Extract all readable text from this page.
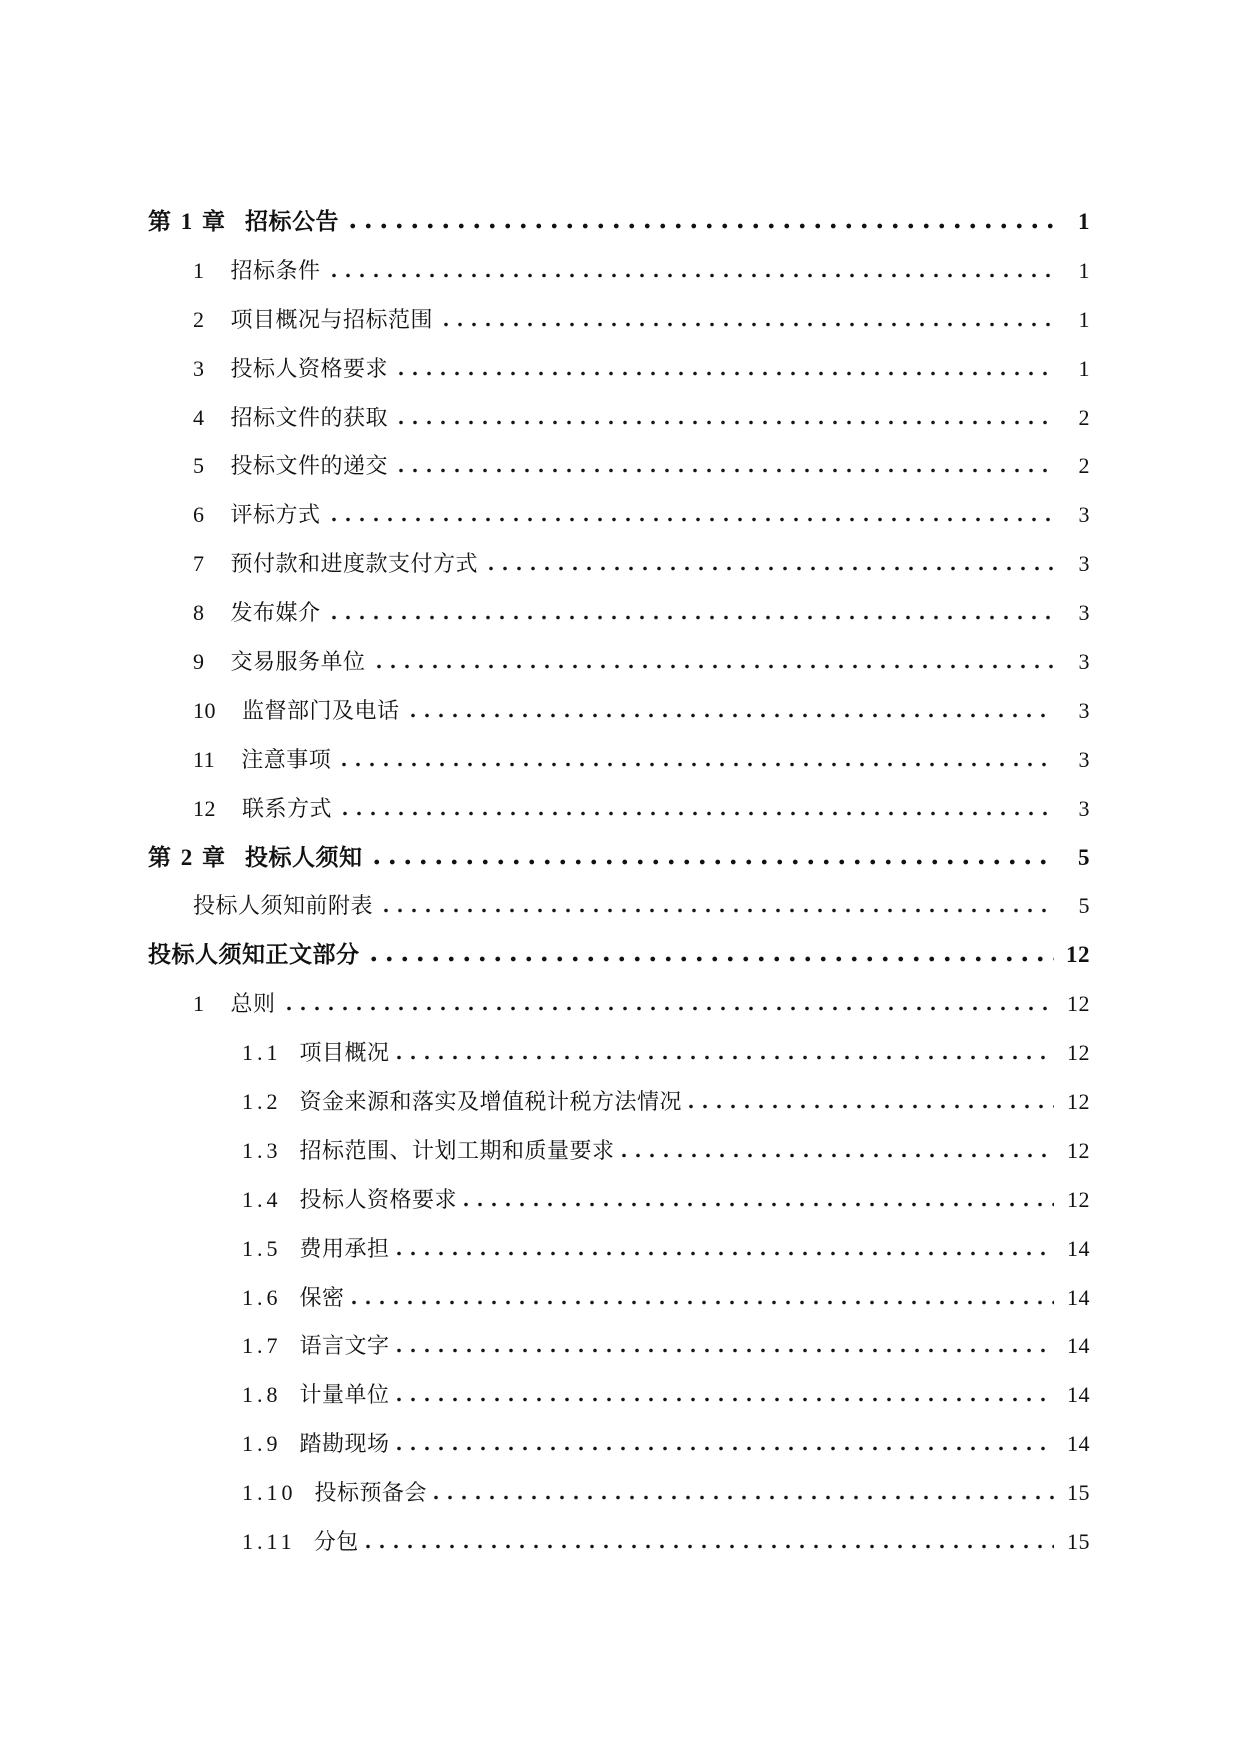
第 1 章 招标公告	1
1 招标条件	1
2 项目概况与招标范围	1
3 投标人资格要求	1
4 招标文件的获取	2
5 投标文件的递交	2
6 评标方式	3
7 预付款和进度款支付方式	3
8 发布媒介	3
9 交易服务单位	3
10 监督部门及电话	3
11 注意事项	3
12 联系方式	3
第 2 章 投标人须知	5
投标人须知前附表	5
投标人须知正文部分	12
1 总则	12
1.1 项目概况	12
1.2 资金来源和落实及增值税计税方法情况	12
1.3 招标范围、计划工期和质量要求	12
1.4 投标人资格要求	12
1.5 费用承担	14
1.6 保密	14
1.7 语言文字	14
1.8 计量单位	14
1.9 踏勘现场	14
1.10 投标预备会	15
1.11 分包	15
